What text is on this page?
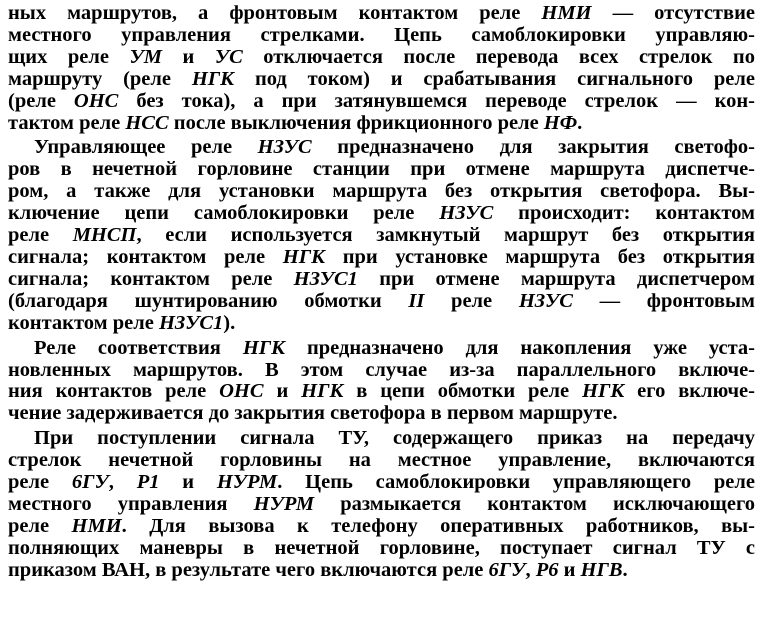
ных маршрутов, а фронтовым контактом реле НМИ — отсутствие
местного управления стрелками. Цепь самоблокировки управляю-
щих реле УМ и УС отключается после перевода всех стрелок по
маршруту (реле НГК под током) и срабатывания сигнального реле
(реле ОНС без тока), а при затянувшемся переводе стрелок — кон-
тактом реле НСС после выключения фрикционного реле НФ.
Управляющее реле НЗУС предназначено для закрытия светофо-
ров в нечетной горловине станции при отмене маршрута диспетче-
ром, а также для установки маршрута без открытия светофора. Вы-
ключение цепи самоблокировки реле НЗУС происходит: контактом
реле МНСП, если используется замкнутый маршрут без открытия
сигнала; контактом реле НГК при установке маршрута без открытия
сигнала; контактом реле НЗУС1 при отмене маршрута диспетчером
(благодаря шунтированию обмотки II реле НЗУС — фронтовым
контактом реле НЗУС1).
Реле соответствия НГК предназначено для накопления уже уста-
новленных маршрутов. В этом случае из-за параллельного включе-
ния контактов реле ОНС и НГК в цепи обмотки реле НГК его включе-
чение задерживается до закрытия светофора в первом маршруте.
При поступлении сигнала ТУ, содержащего приказ на передачу
стрелок нечетной горловины на местное управление, включаются
реле 6ГУ, Р1 и НУРМ. Цепь самоблокировки управляющего реле
местного управления НУРМ размыкается контактом исключающего
реле НМИ. Для вызова к телефону оперативных работников, вы-
полняющих маневры в нечетной горловине, поступает сигнал ТУ с
приказом ВАН, в результате чего включаются реле 6ГУ, Р6 и НГВ.
